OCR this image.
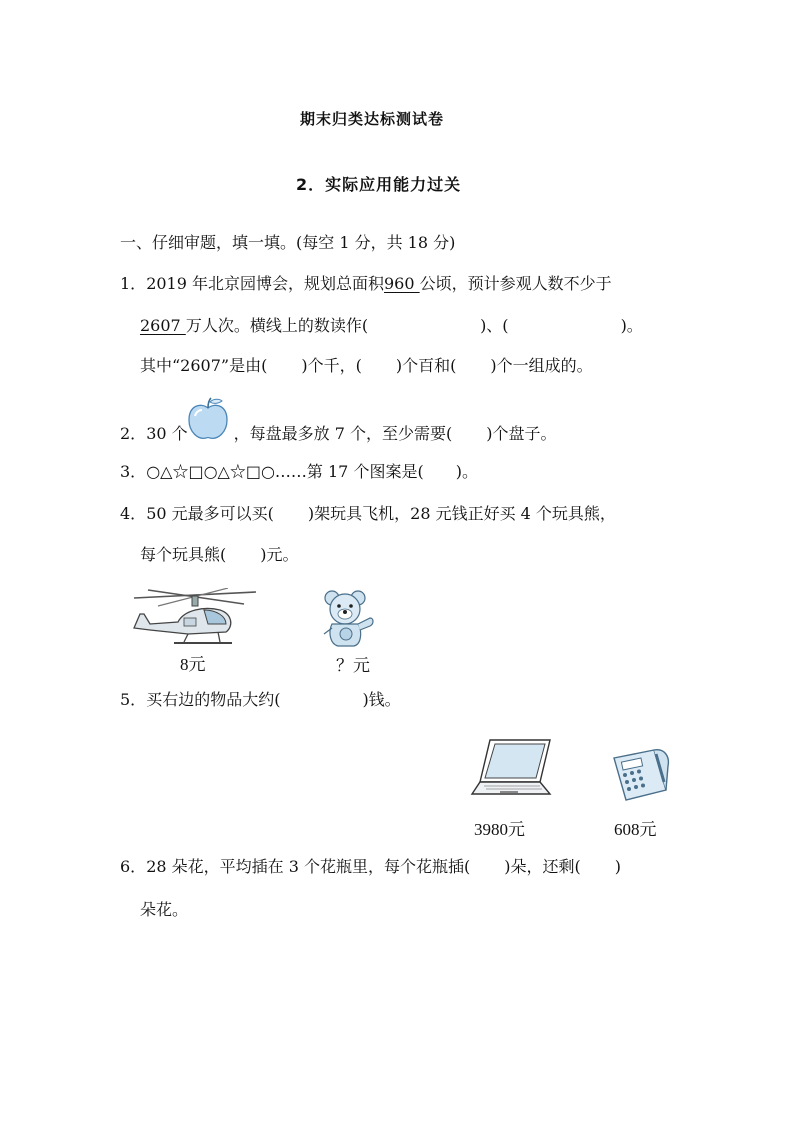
期末归类达标测试卷
2．实际应用能力过关
一、仔细审题，填一填。(每空 1 分，共 18 分)
1．2019 年北京园博会，规划总面积960 公顷，预计参观人数不少于
2607 万人次。横线上的数读作(	)、(	)。
其中“2607”是由( )个千，( )个百和( )个一组成的。
2．30 个	，每盘最多放 7 个，至少需要( )个盘子。
3．○△☆□○△☆□○……第 17 个图案是( )。
4．50 元最多可以买( )架玩具飞机，28 元钱正好买 4 个玩具熊，
每个玩具熊( )元。
8元	？元
5．买右边的物品大约(	)钱。
3980元	608元
6．28 朵花，平均插在 3 个花瓶里，每个花瓶插( )朵，还剩( )
朵花。
